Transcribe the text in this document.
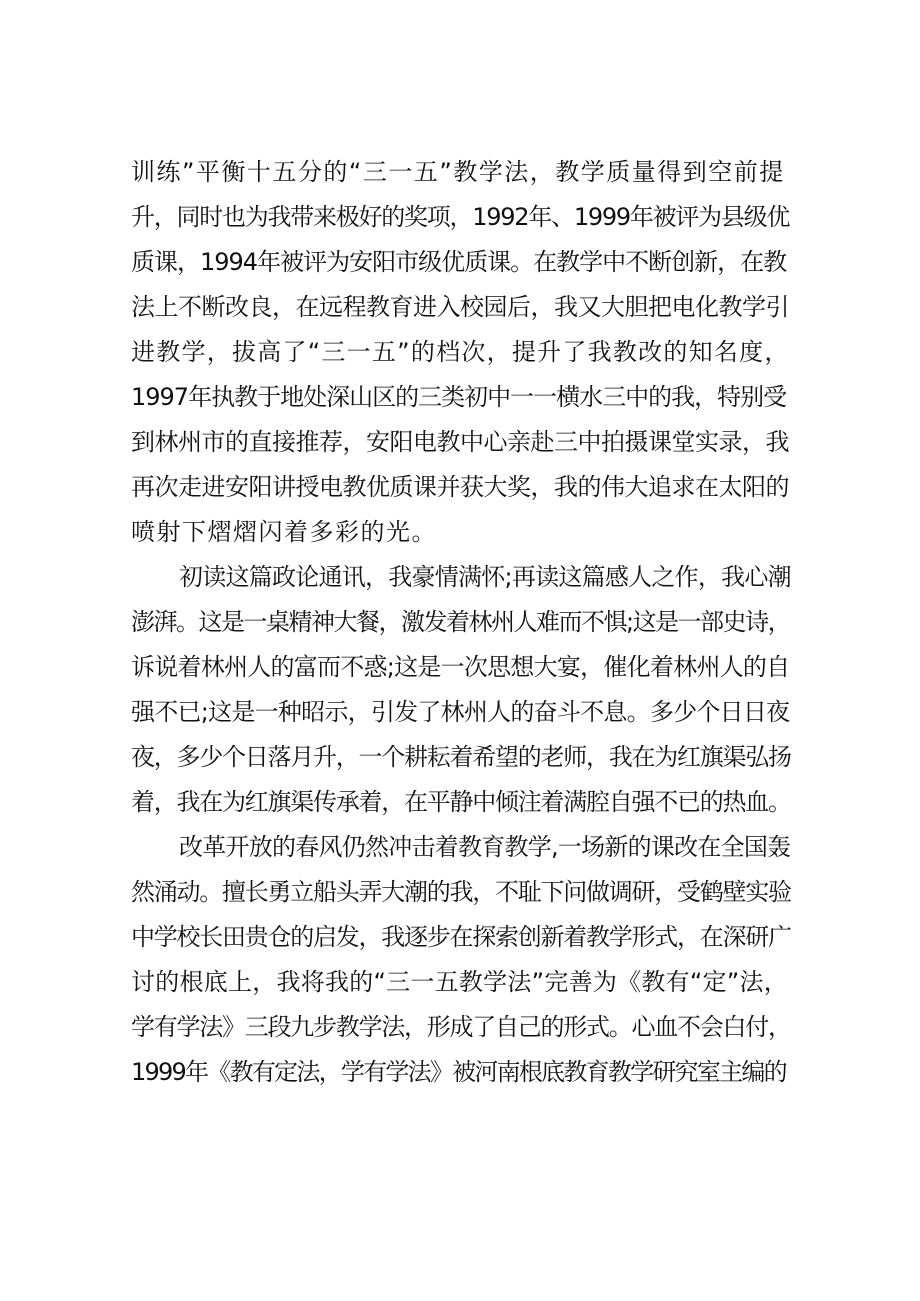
训练”平衡十五分的“三一五”教学法，教学质量得到空前提
升，同时也为我带来极好的奖项，1992年、1999年被评为县级优
质课，1994年被评为安阳市级优质课。在教学中不断创新，在教
法上不断改良，在远程教育进入校园后，我又大胆把电化教学引
进教学，拔高了“三一五”的档次，提升了我教改的知名度，
1997年执教于地处深山区的三类初中一一横水三中的我，特别受
到林州市的直接推荐，安阳电教中心亲赴三中拍摄课堂实录，我
再次走进安阳讲授电教优质课并获大奖，我的伟大追求在太阳的
喷射下熠熠闪着多彩的光。
初读这篇政论通讯，我豪情满怀;再读这篇感人之作，我心潮
澎湃。这是一桌精神大餐，激发着林州人难而不惧;这是一部史诗，
诉说着林州人的富而不惑;这是一次思想大宴，催化着林州人的自
强不已;这是一种昭示，引发了林州人的奋斗不息。多少个日日夜
夜，多少个日落月升，一个耕耘着希望的老师，我在为红旗渠弘扬
着，我在为红旗渠传承着，在平静中倾注着满腔自强不已的热血。
改革开放的春风仍然冲击着教育教学,一场新的课改在全国轰
然涌动。擅长勇立船头弄大潮的我，不耻下问做调研，受鹤壁实验
中学校长田贵仓的启发，我逐步在探索创新着教学形式，在深研广
讨的根底上，我将我的“三一五教学法”完善为《教有“定”法，
学有学法》三段九步教学法，形成了自己的形式。心血不会白付，
1999年《教有定法，学有学法》被河南根底教育教学研究室主编的
